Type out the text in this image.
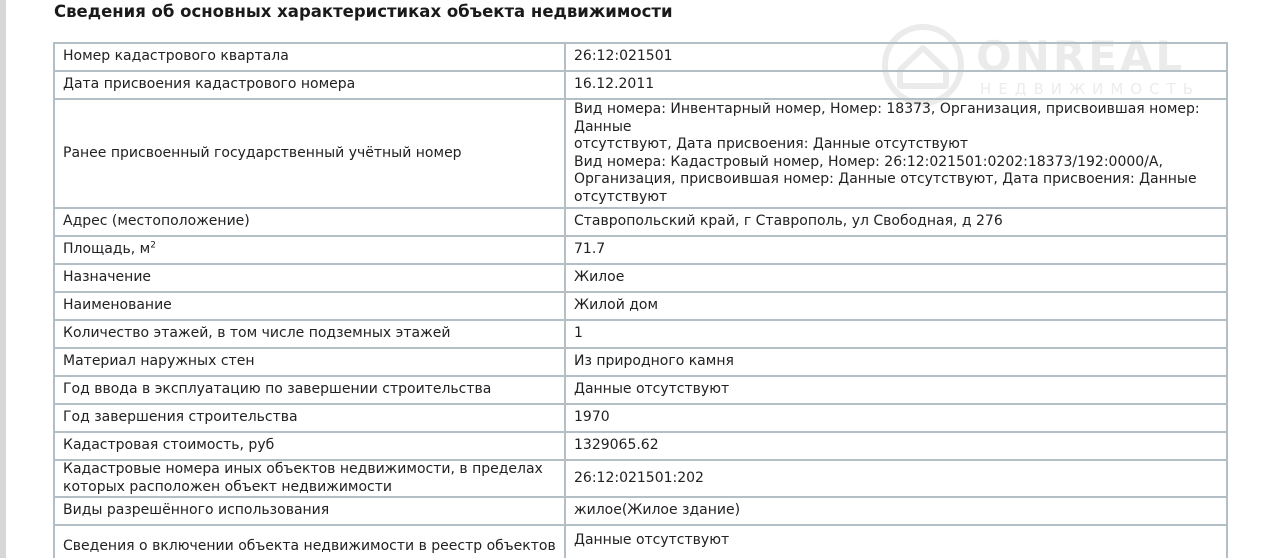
Сведения об основных характеристиках объекта недвижимости
ONREAL
НЕДВИЖИМОСТЬ
Номер кадастрового квартала	26:12:021501
Дата присвоения кадастрового номера	16.12.2011
Ранее присвоенный государственный учётный номер	Вид номера: Инвентарный номер, Номер: 18373, Организация, присвоившая номер: Данные
отсутствуют, Дата присвоения: Данные отсутствуют
Вид номера: Кадастровый номер, Номер: 26:12:021501:0202:18373/192:0000/А,
Организация, присвоившая номер: Данные отсутствуют, Дата присвоения: Данные
отсутствуют

Адрес (местоположение)	Ставропольский край, г Ставрополь, ул Свободная, д 276
Площадь, $м^2$	71.7
Назначение	Жилое
Наименование	Жилой дом
Количество этажей, в том числе подземных этажей	1
Материал наружных стен	Из природного камня
Год ввода в эксплуатацию по завершении строительства	Данные отсутствуют
Год завершения строительства	1970
Кадастровая стоимость, руб	1329065.62

Кадастровые номера иных объектов недвижимости, в пределах
которых расположен объект недвижимости	26:12:021501:202
Виды разрешённого использования	жилое(Жилое здание)
Сведения о включении объекта недвижимости в реестр объектов	Данные отсутствуют
